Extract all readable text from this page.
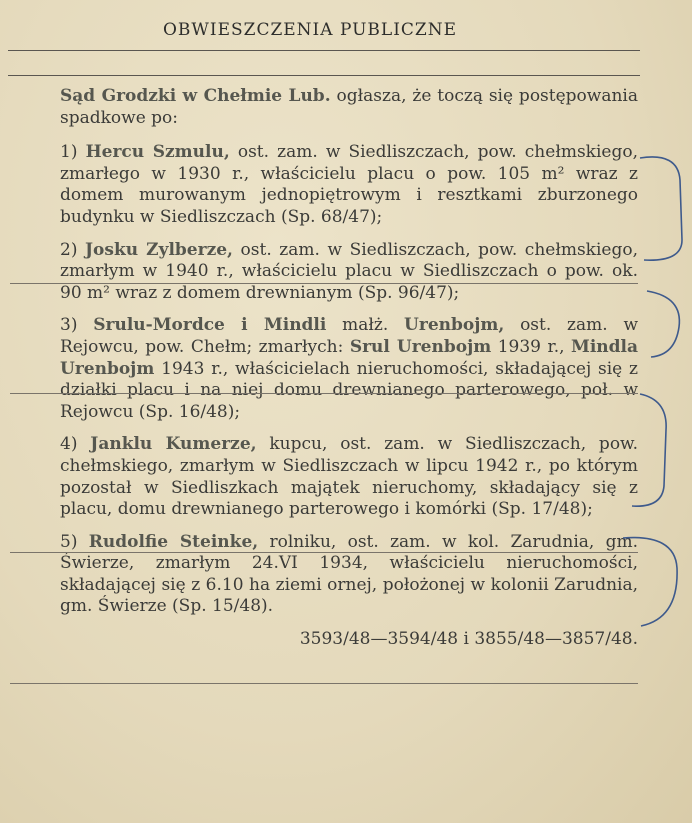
OBWIESZCZENIA PUBLICZNE

Sąd Grodzki w Chełmie Lub. ogłasza, że toczą się postępowania spadkowe po:

1) Hercu Szmulu, ost. zam. w Siedliszczach, pow. chełmskiego, zmarłego w 1930 r., właścicielu placu o pow. 105 m² wraz z domem murowanym jednopiętrowym i resztkami zburzonego budynku w Siedliszczach (Sp. 68/47);

2) Josku Zylberze, ost. zam. w Siedliszczach, pow. chełmskiego, zmarłym w 1940 r., właścicielu placu w Siedliszczach o pow. ok. 90 m² wraz z domem drewnianym (Sp. 96/47);

3) Srulu-Mordce i Mindli małż. Urenbojm, ost. zam. w Rejowcu, pow. Chełm; zmarłych: Srul Urenbojm 1939 r., Mindla Urenbojm 1943 r., właścicielach nieruchomości, składającej się z działki placu i na niej domu drewnianego parterowego, poł. w Rejowcu (Sp. 16/48);

4) Janklu Kumerze, kupcu, ost. zam. w Siedliszczach, pow. chełmskiego, zmarłym w Siedliszczach w lipcu 1942 r., po którym pozostał w Siedliszkach majątek nieruchomy, składający się z placu, domu drewnianego parterowego i komórki (Sp. 17/48);

5) Rudolfie Steinke, rolniku, ost. zam. w kol. Zarudnia, gm. Świerze, zmarłym 24.VI 1934, właścicielu nieruchomości, składającej się z 6.10 ha ziemi ornej, położonej w kolonii Zarudnia, gm. Świerze (Sp. 15/48).

3593/48—3594/48 i 3855/48—3857/48.
